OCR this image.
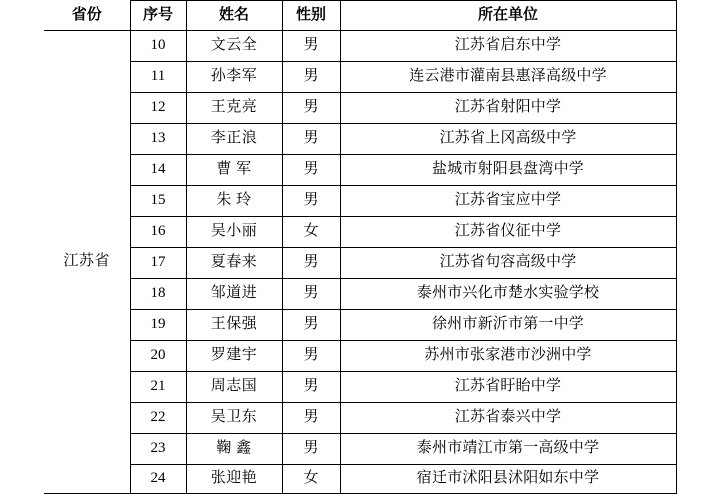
省份	序号	姓名	性别	所在单位
江苏省	10	文云全	男	江苏省启东中学
	11	孙李军	男	连云港市灌南县惠泽高级中学
	12	王克亮	男	江苏省射阳中学
	13	李正浪	男	江苏省上冈高级中学
	14	曹 军	男	盐城市射阳县盘湾中学
	15	朱 玲	男	江苏省宝应中学
	16	吴小丽	女	江苏省仪征中学
	17	夏春来	男	江苏省句容高级中学
	18	邹道进	男	泰州市兴化市楚水实验学校
	19	王保强	男	徐州市新沂市第一中学
	20	罗建宇	男	苏州市张家港市沙洲中学
	21	周志国	男	江苏省盱眙中学
	22	吴卫东	男	江苏省泰兴中学
	23	鞠 鑫	男	泰州市靖江市第一高级中学
	24	张迎艳	女	宿迁市沭阳县沭阳如东中学
